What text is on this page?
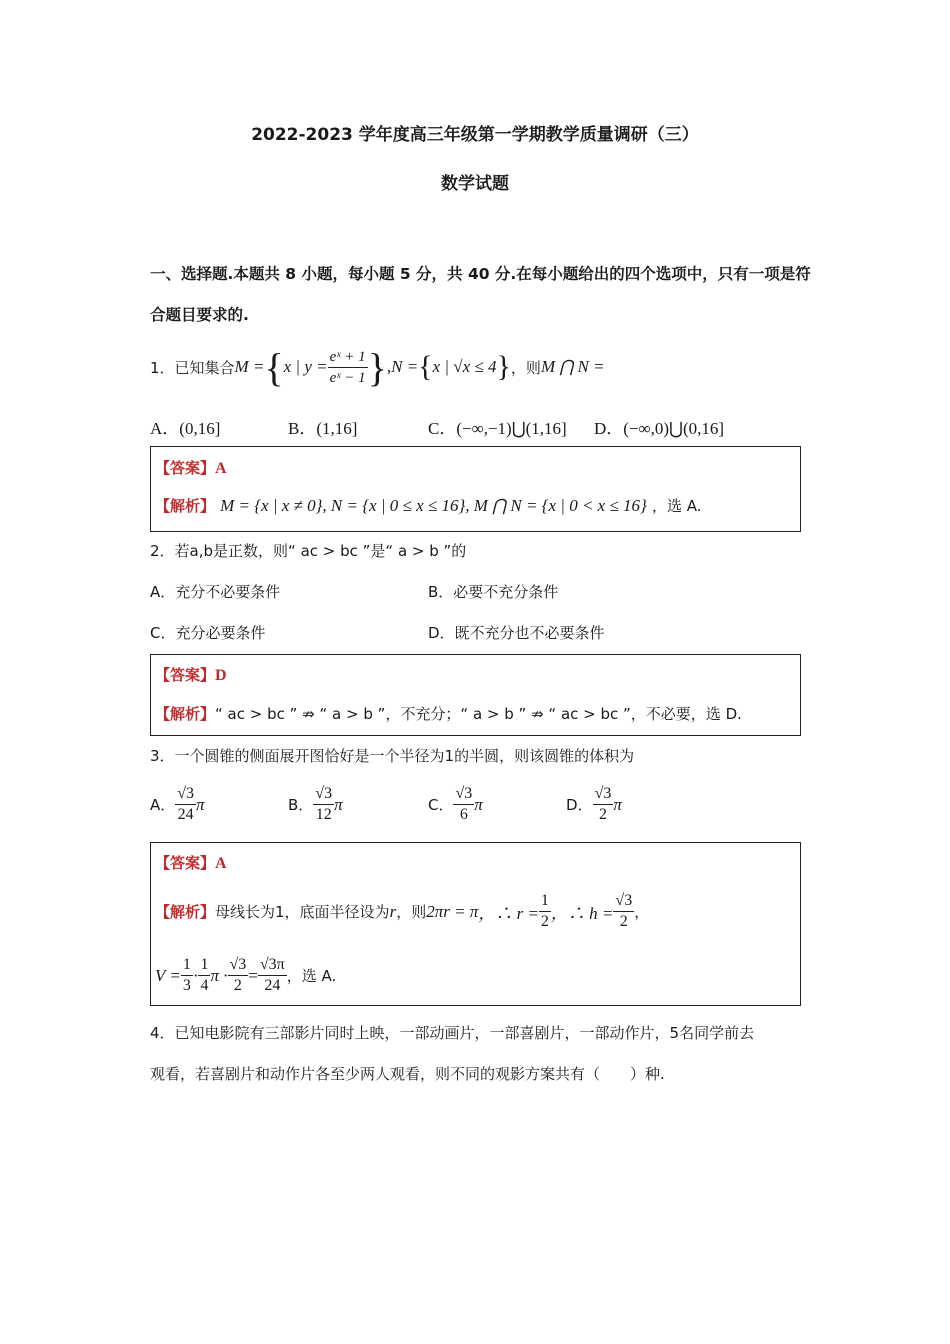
2022-2023 学年度高三年级第一学期教学质量调研（三）
数学试题
一、选择题.本题共 8 小题，每小题 5 分，共 40 分.在每小题给出的四个选项中，只有一项是符
合题目要求的.
1．已知集合 M = { x | $y = \frac{\text{eˣ + 1}}{\text{eˣ − 1}}$ } ,N = { x | √x ≤ 4 } ，则 M ⋂ N =
A．(0,16]	B．(1,16]	C．(−∞,−1)⋃(1,16] D．(−∞,0)⋃(0,16]
【答案】A
【解析】 M = {x | x ≠ 0}, N = {x | 0 ≤ x ≤ 16}, M ⋂ N = {x | 0 < x ≤ 16} ，选 A.
2．若a,b是正数，则“ ac > bc ”是“ a > b ”的
A．充分不必要条件	B．必要不充分条件
C．充分必要条件	D．既不充分也不必要条件
【答案】D
【解析】“ ac > bc ” ⇏ “ a > b ”，不充分；“ a > b ” ⇏ “ ac > bc ”，不必要，选 D.
3．一个圆锥的侧面展开图恰好是一个半径为1的半圆，则该圆锥的体积为
A． $\frac{√3}{24}$ π	B． $\frac{√3}{12}$ π	C． $\frac{√3}{6}$ π	D． $\frac{√3}{2}$ π
【答案】A
【解析】 母线长为1，底面半径设为 r ，则 2πr = π ，∴ $r = \frac{1}{2}$ ，∴ $h = \frac{√3}{2}$ ，
$V = \frac{1}{3} \cdot \frac{1}{4}$ $\pi \cdot \frac{√3}{2} = \frac{√3\pi}{24}$ ，选 A.
4．已知电影院有三部影片同时上映，一部动画片，一部喜剧片，一部动作片，5名同学前去
观看，若喜剧片和动作片各至少两人观看，则不同的观影方案共有（　　）种.
